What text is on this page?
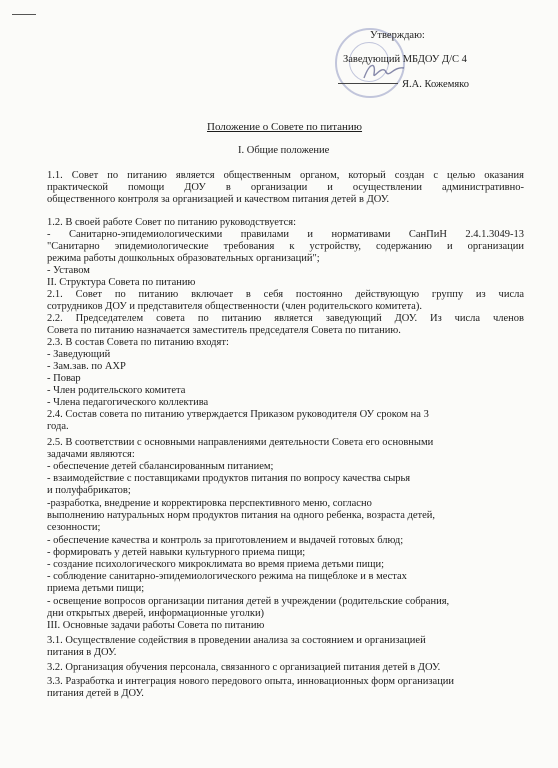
Утверждаю:
Заведующий МБДОУ Д/С 4
Я.А. Кожемяко
Положение о Совете по питанию
I. Общие положение
1.1. Совет по питанию является общественным органом, который создан с целью оказания
практической помощи ДОУ в организации и осуществлении административно-
общественного контроля за организацией и качеством питания детей в ДОУ.
1.2. В своей работе Совет по питанию руководствуется:
- Санитарно-эпидемиологическими правилами и нормативами СанПиН 2.4.1.3049-13
"Санитарно эпидемиологические требования к устройству, содержанию и организации
режима работы дошкольных образовательных организаций";
- Уставом
II. Структура Совета по питанию
2.1. Совет по питанию включает в себя постоянно действующую группу из числа
сотрудников ДОУ и представителя общественности (член родительского комитета).
2.2. Председателем совета по питанию является заведующий ДОУ. Из числа членов
Совета по питанию назначается заместитель председателя Совета по питанию.
2.3. В состав Совета по питанию входят:
- Заведующий
- Зам.зав. по АХР
- Повар
- Член родительского комитета
- Члена педагогического коллектива
2.4. Состав совета по питанию утверждается Приказом руководителя ОУ сроком на 3
года.
2.5. В соответствии с основными направлениями деятельности Совета его основными
задачами являются:
- обеспечение детей сбалансированным питанием;
- взаимодействие с поставщиками продуктов питания по вопросу качества сырья
и полуфабрикатов;
-разработка, внедрение и корректировка перспективного меню, согласно
выполнению натуральных норм продуктов питания на одного ребенка, возраста детей,
сезонности;
- обеспечение качества и контроль за приготовлением и выдачей готовых блюд;
- формировать у детей навыки культурного приема пищи;
- создание психологического микроклимата во время приема детьми пищи;
- соблюдение санитарно-эпидемиологического режима на пищеблоке и в местах
приема детьми пищи;
- освещение вопросов организации питания детей в учреждении (родительские собрания,
дни открытых дверей, информационные уголки)
III. Основные задачи работы Совета по питанию
3.1. Осуществление содействия в проведении анализа за состоянием и организацией
питания в ДОУ.
3.2. Организация обучения персонала, связанного с организацией питания детей в ДОУ.
3.3. Разработка и интеграция нового передового опыта, инновационных форм организации
питания детей в ДОУ.
